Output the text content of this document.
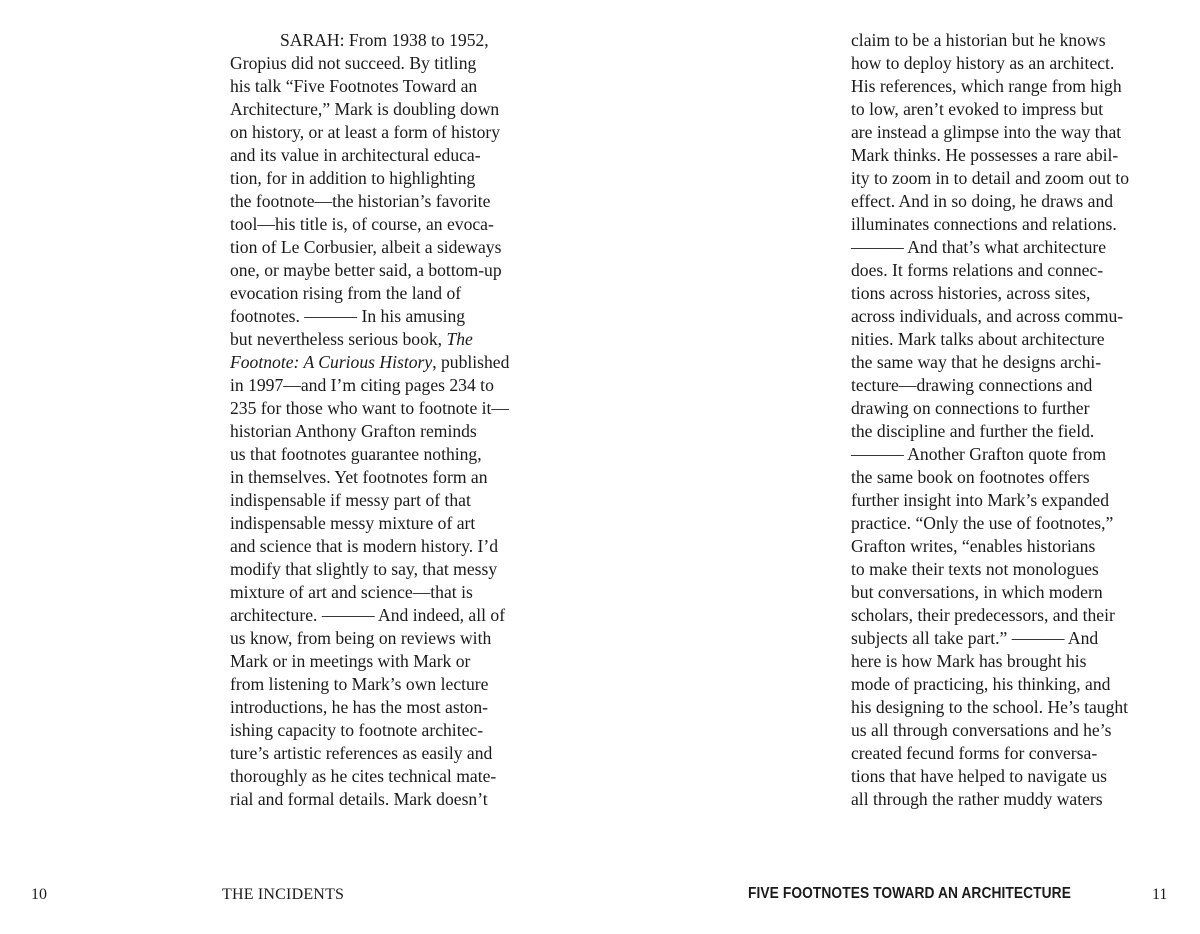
SARAH: From 1938 to 1952,
Gropius did not succeed. By titling
his talk “Five Footnotes Toward an
Architecture,” Mark is doubling down
on history, or at least a form of history
and its value in architectural educa-
tion, for in addition to highlighting
the footnote—the historian’s favorite
tool—his title is, of course, an evoca-
tion of Le Corbusier, albeit a sideways
one, or maybe better said, a bottom-up
evocation rising from the land of
footnotes. ——— In his amusing
but nevertheless serious book, The
Footnote: A Curious History, published
in 1997—and I’m citing pages 234 to
235 for those who want to footnote it—
historian Anthony Grafton reminds
us that footnotes guarantee nothing,
in themselves. Yet footnotes form an
indispensable if messy part of that
indispensable messy mixture of art
and science that is modern history. I’d
modify that slightly to say, that messy
mixture of art and science—that is
architecture. ——— And indeed, all of
us know, from being on reviews with
Mark or in meetings with Mark or
from listening to Mark’s own lecture
introductions, he has the most aston-
ishing capacity to footnote architec-
ture’s artistic references as easily and
thoroughly as he cites technical mate-
rial and formal details. Mark doesn’t
10	THE INCIDENTS
claim to be a historian but he knows
how to deploy history as an architect.
His references, which range from high
to low, aren’t evoked to impress but
are instead a glimpse into the way that
Mark thinks. He possesses a rare abil-
ity to zoom in to detail and zoom out to
effect. And in so doing, he draws and
illuminates connections and relations.
——— And that’s what architecture
does. It forms relations and connec-
tions across histories, across sites,
across individuals, and across commu-
nities. Mark talks about architecture
the same way that he designs archi-
tecture—drawing connections and
drawing on connections to further
the discipline and further the field.
——— Another Grafton quote from
the same book on footnotes offers
further insight into Mark’s expanded
practice. “Only the use of footnotes,”
Grafton writes, “enables historians
to make their texts not monologues
but conversations, in which modern
scholars, their predecessors, and their
subjects all take part.” ——— And
here is how Mark has brought his
mode of practicing, his thinking, and
his designing to the school. He’s taught
us all through conversations and he’s
created fecund forms for conversa-
tions that have helped to navigate us
all through the rather muddy waters
FIVE FOOTNOTES TOWARD AN ARCHITECTURE	11
